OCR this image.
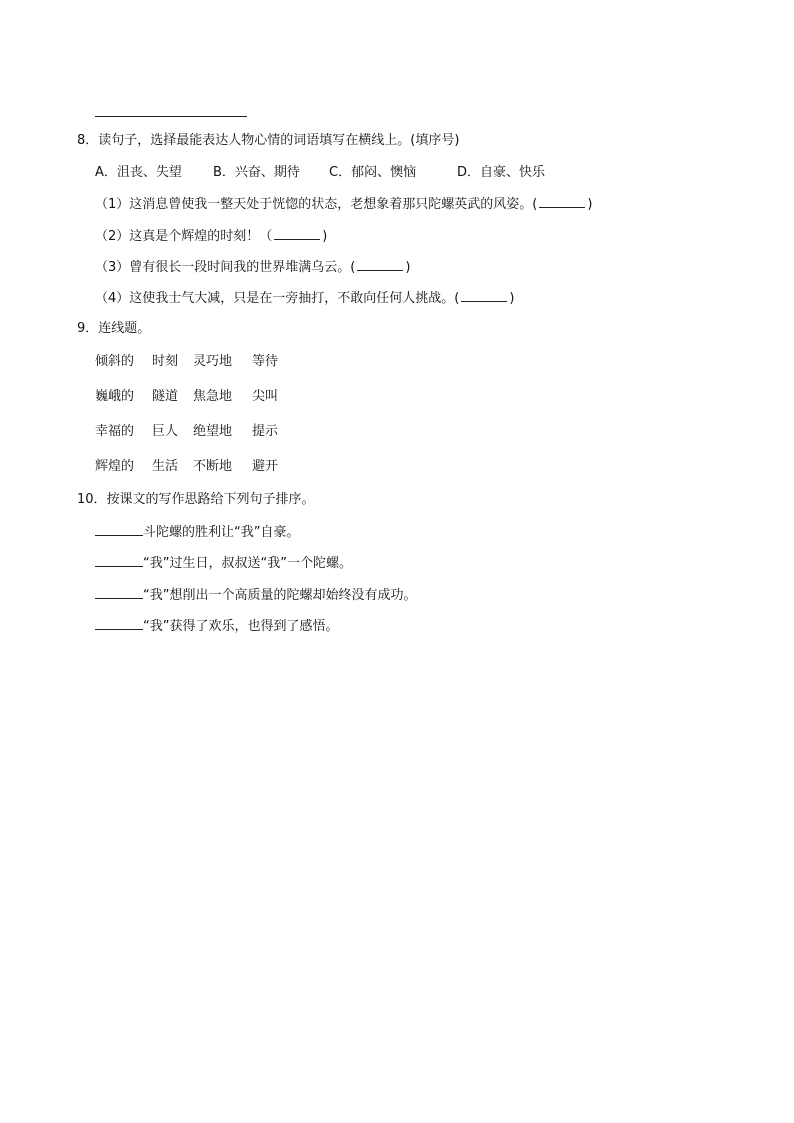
8．读句子，选择最能表达人物心情的词语填写在横线上。(填序号)
A．沮丧、失望 B．兴奋、期待 C．郁闷、懊恼	D．自豪、快乐
（1）这消息曾使我一整天处于恍惚的状态，老想象着那只陀螺英武的风姿。(	)
（2）这真是个辉煌的时刻！（	)
（3）曾有很长一段时间我的世界堆满乌云。(	)
（4）这使我士气大减，只是在一旁抽打，不敢向任何人挑战。(	)
9．连线题。
倾斜的 时刻 灵巧地 等待
巍峨的 隧道 焦急地 尖叫
幸福的 巨人 绝望地 提示
辉煌的 生活 不断地 避开
10．按课文的写作思路给下列句子排序。
斗陀螺的胜利让“我”自豪。
“我”过生日，叔叔送“我”一个陀螺。
“我”想削出一个高质量的陀螺却始终没有成功。
“我”获得了欢乐，也得到了感悟。
